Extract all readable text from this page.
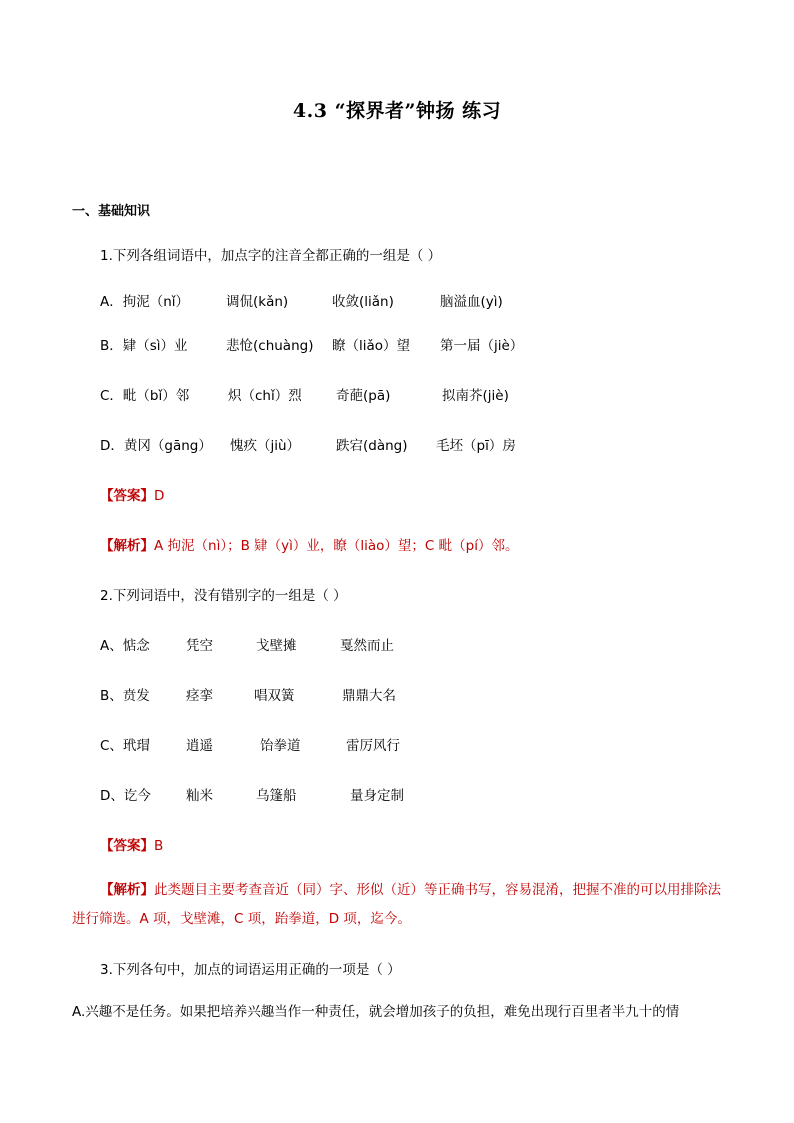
4.3 “探界者”钟扬 练习
一、基础知识
1.下列各组词语中，加点字的注音全都正确的一组是（ ）
A．拘泥（nǐ）	调侃(kǎn)	收敛(liǎn)	脑溢血(yì)
B．肄（sì）业	悲怆(chuàng) 瞭（liǎo）望 第一届（jiè）
C．毗（bǐ）邻	炽（chǐ）烈	奇葩(pā)	拟南芥(jiè)
D．黄冈（gāng） 愧疚（jiù）	跌宕(dàng) 毛坯（pī）房
【答案】D
【解析】A 拘泥（nì）；B 肄（yì）业，瞭（liào）望；C 毗（pí）邻。
2.下列词语中，没有错别字的一组是（ ）
A、惦念	凭空	戈壁摊	戛然而止
B、贲发	痉挛	唱双簧	鼎鼎大名
C、玳瑁	逍遥	饴拳道	雷厉风行
D、讫今	籼米	乌篷船	量身定制
【答案】B
【解析】此类题目主要考查音近（同）字、形似（近）等正确书写，容易混淆，把握不准的可以用排除法进行筛选。A 项，戈壁滩，C 项，跆拳道，D 项，迄今。
3.下列各句中，加点的词语运用正确的一项是（ ）
A.兴趣不是任务。如果把培养兴趣当作一种责任，就会增加孩子的负担，难免出现行百里者半九十的情
